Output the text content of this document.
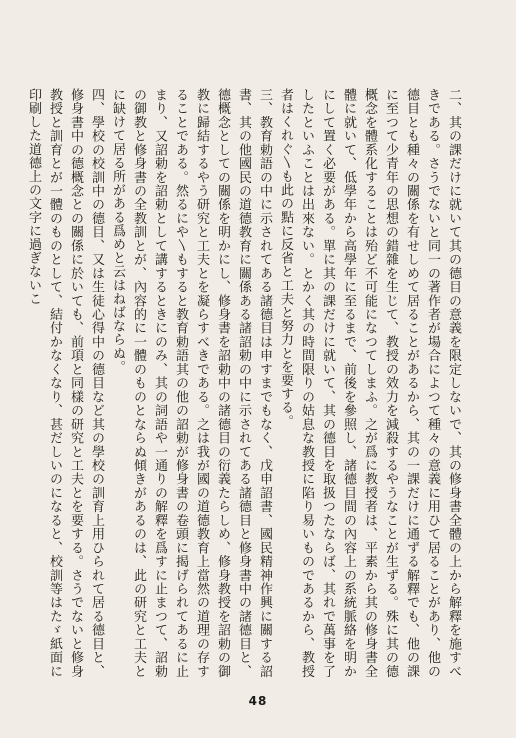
二、其の課だけに就いて其の德目の意義を限定しないで、其の修身書全體の上から解釋を施すべきである。さうでないと同一の著作者が場合によつて種々の意義に用ひて居ることがあり、他の德目とも種々の關係を有せしめて居ることがあるから、其の一課だけに通ずる解釋でも、他の課に至つて少青年の思想の錯雜を生じて、教授の效力を減殺するやうなことが生ずる。殊に其の德概念を體系化することは殆ど不可能になつてしまふ。之が爲に教授者は、平素から其の修身書全體に就いて、低學年から高學年に至るまで、前後を參照し、諸德目間の內容上の系統脈絡を明かにして置く必要がある。單に其の課だけに就いて、其の德目を取扱つたならば、其れで萬事を了したといふことは出來ない。とかく其の時間限りの姑息な教授に陷り易いものであるから、教授者はくれぐ〵も此の點に反省と工夫と努力とを要する。

三、教育勅語の中に示されてある諸德目は申すまでもなく、戊申詔書、國民精神作興に關する詔書、其の他國民の道德教育に關係ある諸詔勅の中に示されてある諸德目と修身書中の諸德目と、德概念としての關係を明かにし、修身書を詔勅中の諸德目の衍義たらしめ、修身教授を詔勅の御教に歸結するやう研究と工夫とを凝らすべきである。之は我が國の道德教育上當然の道理の存することである。然るにや〵もすると教育勅語其の他の詔勅が修身書の卷頭に揭げられてあるに止まり、又詔勅を詔勅として講するときにのみ、其の詞語や一通りの解釋を爲すに止まつて、詔勅の御教と修身書の全教訓とが、內容的に一體のものとならぬ傾きがあるのは、此の研究と工夫とに缺けて居る所がある爲めと云はねばならぬ。

四、學校の校訓中の德目、又は生徒心得中の德目など其の學校の訓育上用ひられて居る德目と、修身書中の德概念との關係に於いても、前項と同樣の研究と工夫とを要する。さうでないと修身教授と訓育とが一體のものとして、結付かなくなり、甚だしいのになると、校訓等はたゞ紙面に印刷した道德上の文字に過ぎないこ

48
